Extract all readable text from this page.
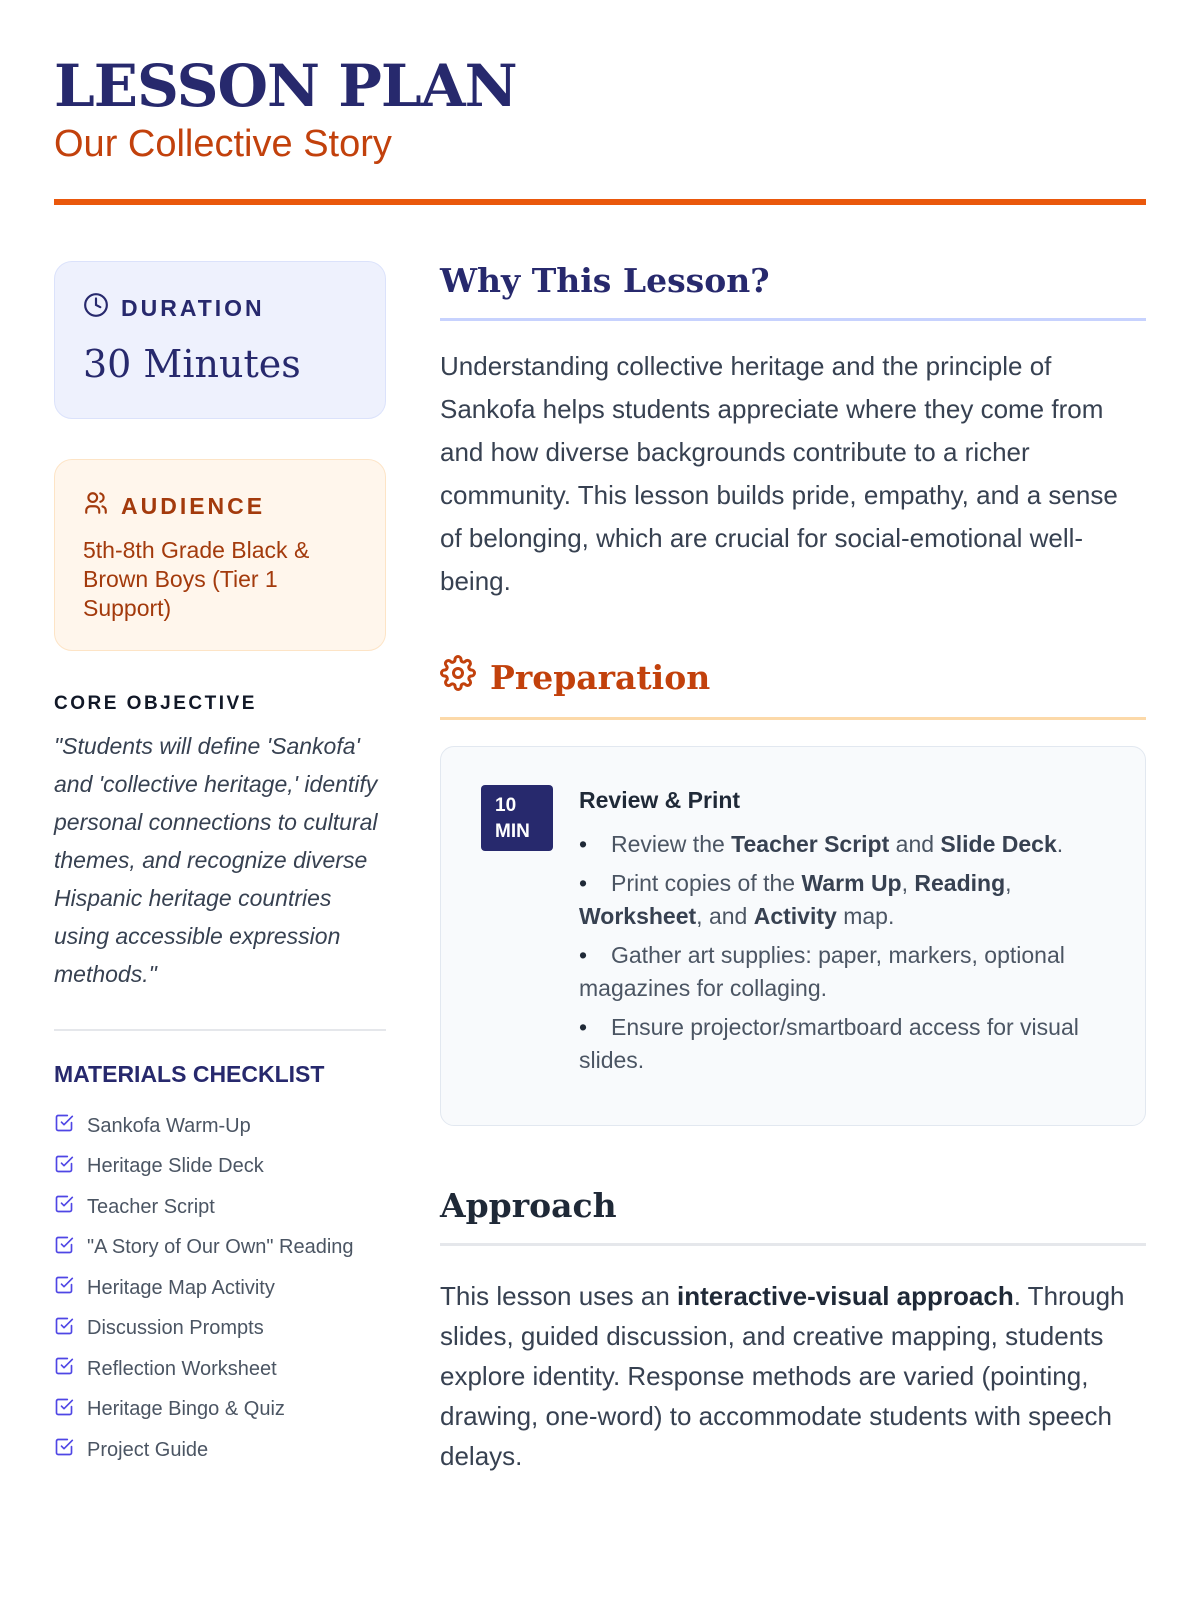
LESSON PLAN
Our Collective Story
DURATION
30 Minutes
AUDIENCE
5th-8th Grade Black & Brown Boys (Tier 1 Support)
CORE OBJECTIVE
"Students will define 'Sankofa' and 'collective heritage,' identify personal connections to cultural themes, and recognize diverse Hispanic heritage countries using accessible expression methods."
MATERIALS CHECKLIST
Sankofa Warm-Up
Heritage Slide Deck
Teacher Script
"A Story of Our Own" Reading
Heritage Map Activity
Discussion Prompts
Reflection Worksheet
Heritage Bingo & Quiz
Project Guide
Why This Lesson?

Understanding collective heritage and the principle of Sankofa helps students appreciate where they come from and how diverse backgrounds contribute to a richer community. This lesson builds pride, empathy, and a sense of belonging, which are crucial for social-emotional well-being.

Preparation
10
MIN
Review & Print
• Review the Teacher Script and Slide Deck.
• Print copies of the Warm Up, Reading, Worksheet, and Activity map.
• Gather art supplies: paper, markers, optional magazines for collaging.
• Ensure projector/smartboard access for visual slides.
Approach

This lesson uses an interactive-visual approach. Through slides, guided discussion, and creative mapping, students explore identity. Response methods are varied (pointing, drawing, one-word) to accommodate students with speech delays.
